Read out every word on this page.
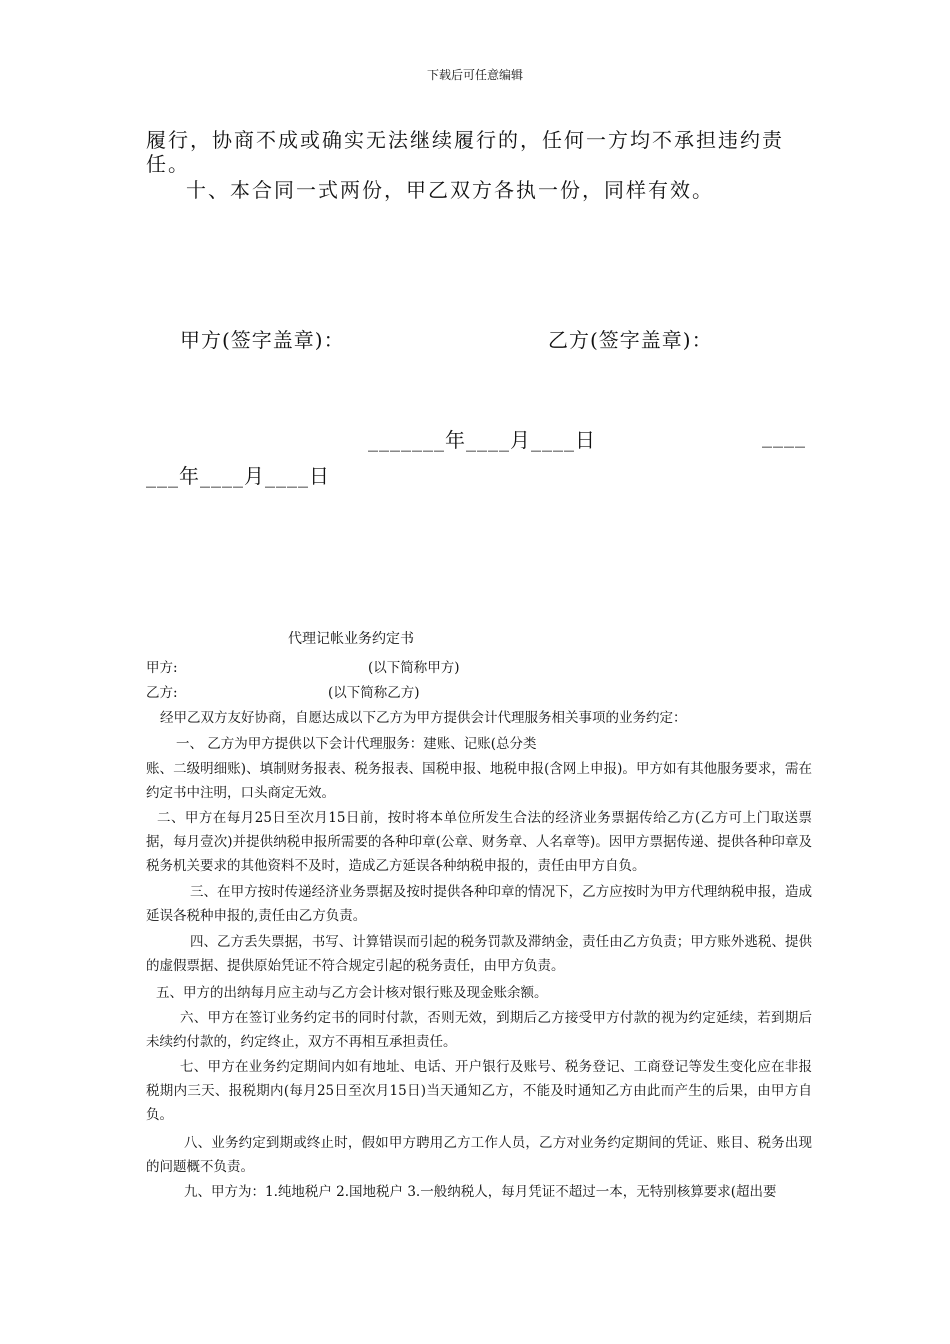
下载后可任意编辑
履行，协商不成或确实无法继续履行的，任何一方均不承担违约责
任。
十、本合同一式两份，甲乙双方各执一份，同样有效。
甲方(签字盖章)：	乙方(签字盖章)：
_______年____月____日	____
___年____月____日
代理记帐业务约定书
甲方:	(以下简称甲方)
乙方:	(以下简称乙方)
经甲乙双方友好协商，自愿达成以下乙方为甲方提供会计代理服务相关事项的业务约定：
一、 乙方为甲方提供以下会计代理服务：建账、记账(总分类
账、二级明细账)、填制财务报表、税务报表、国税申报、地税申报(含网上申报)。甲方如有其他服务要求，需在约定书中注明，口头商定无效。
二、甲方在每月25日至次月15日前，按时将本单位所发生合法的经济业务票据传给乙方(乙方可上门取送票据，每月壹次)并提供纳税申报所需要的各种印章(公章、财务章、人名章等)。因甲方票据传递、提供各种印章及税务机关要求的其他资料不及时，造成乙方延误各种纳税申报的，责任由甲方自负。
三、在甲方按时传递经济业务票据及按时提供各种印章的情况下，乙方应按时为甲方代理纳税申报，造成延误各税种申报的,责任由乙方负责。
四、乙方丢失票据，书写、计算错误而引起的税务罚款及滞纳金，责任由乙方负责；甲方账外逃税、提供的虚假票据、提供原始凭证不符合规定引起的税务责任，由甲方负责。
五、甲方的出纳每月应主动与乙方会计核对银行账及现金账余额。
六、甲方在签订业务约定书的同时付款，否则无效，到期后乙方接受甲方付款的视为约定延续，若到期后未续约付款的，约定终止，双方不再相互承担责任。
七、甲方在业务约定期间内如有地址、电话、开户银行及账号、税务登记、工商登记等发生变化应在非报税期内三天、报税期内(每月25日至次月15日)当天通知乙方，不能及时通知乙方由此而产生的后果，由甲方自负。
八、业务约定到期或终止时，假如甲方聘用乙方工作人员，乙方对业务约定期间的凭证、账目、税务出现的问题概不负责。
九、甲方为：1.纯地税户 2.国地税户 3.一般纳税人，每月凭证不超过一本，无特别核算要求(超出要
